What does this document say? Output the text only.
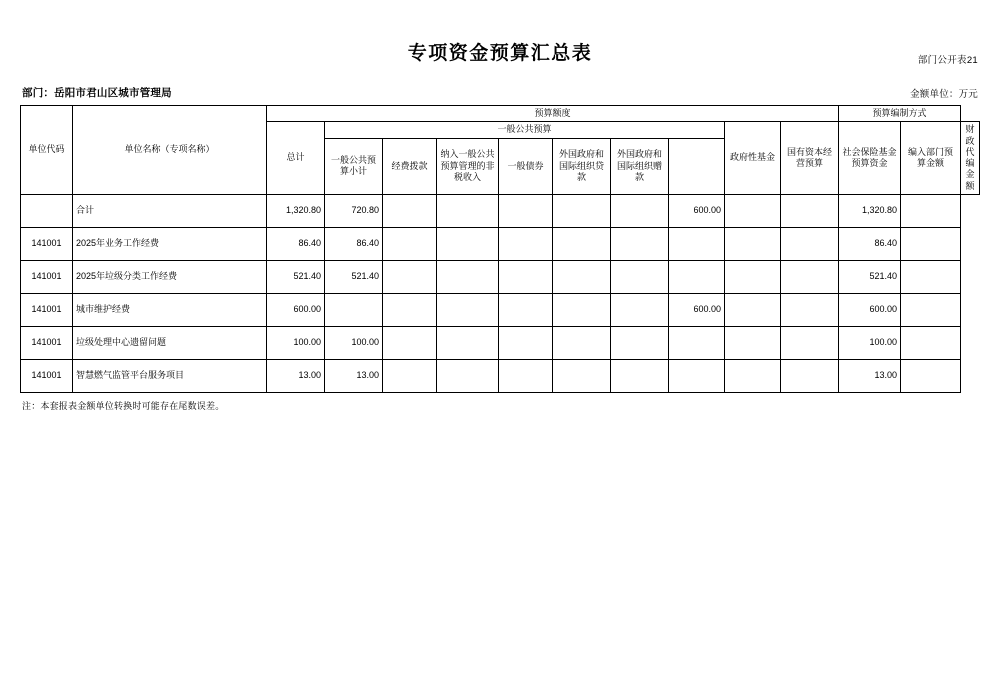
部门公开表21
专项资金预算汇总表
部门：岳阳市君山区城市管理局	金额单位：万元
单位代码	单位名称（专项名称）	预算额度										预算编制方式		
		总计	一般公共预算							政府性基金	国有资本经营预算	社会保险基金预算资金	编入部门预算金额	财政代编金额
			一般公共预算小计	经费拨款	纳入一般公共预算管理的非税收入	一般债券	外国政府和国际组织贷款	外国政府和国际组织赠款					

	合计	1,320.80	720.80						600.00			1,320.80		
141001	2025年业务工作经费	86.40	86.40									86.40		
141001	2025年垃级分类工作经费	521.40	521.40									521.40		
141001	城市维护经费	600.00							600.00			600.00		
141001	垃级处理中心遗留问题	100.00	100.00									100.00		
141001	智慧燃气监管平台服务项目	13.00	13.00									13.00		
注：本套报表金额单位转换时可能存在尾数误差。
